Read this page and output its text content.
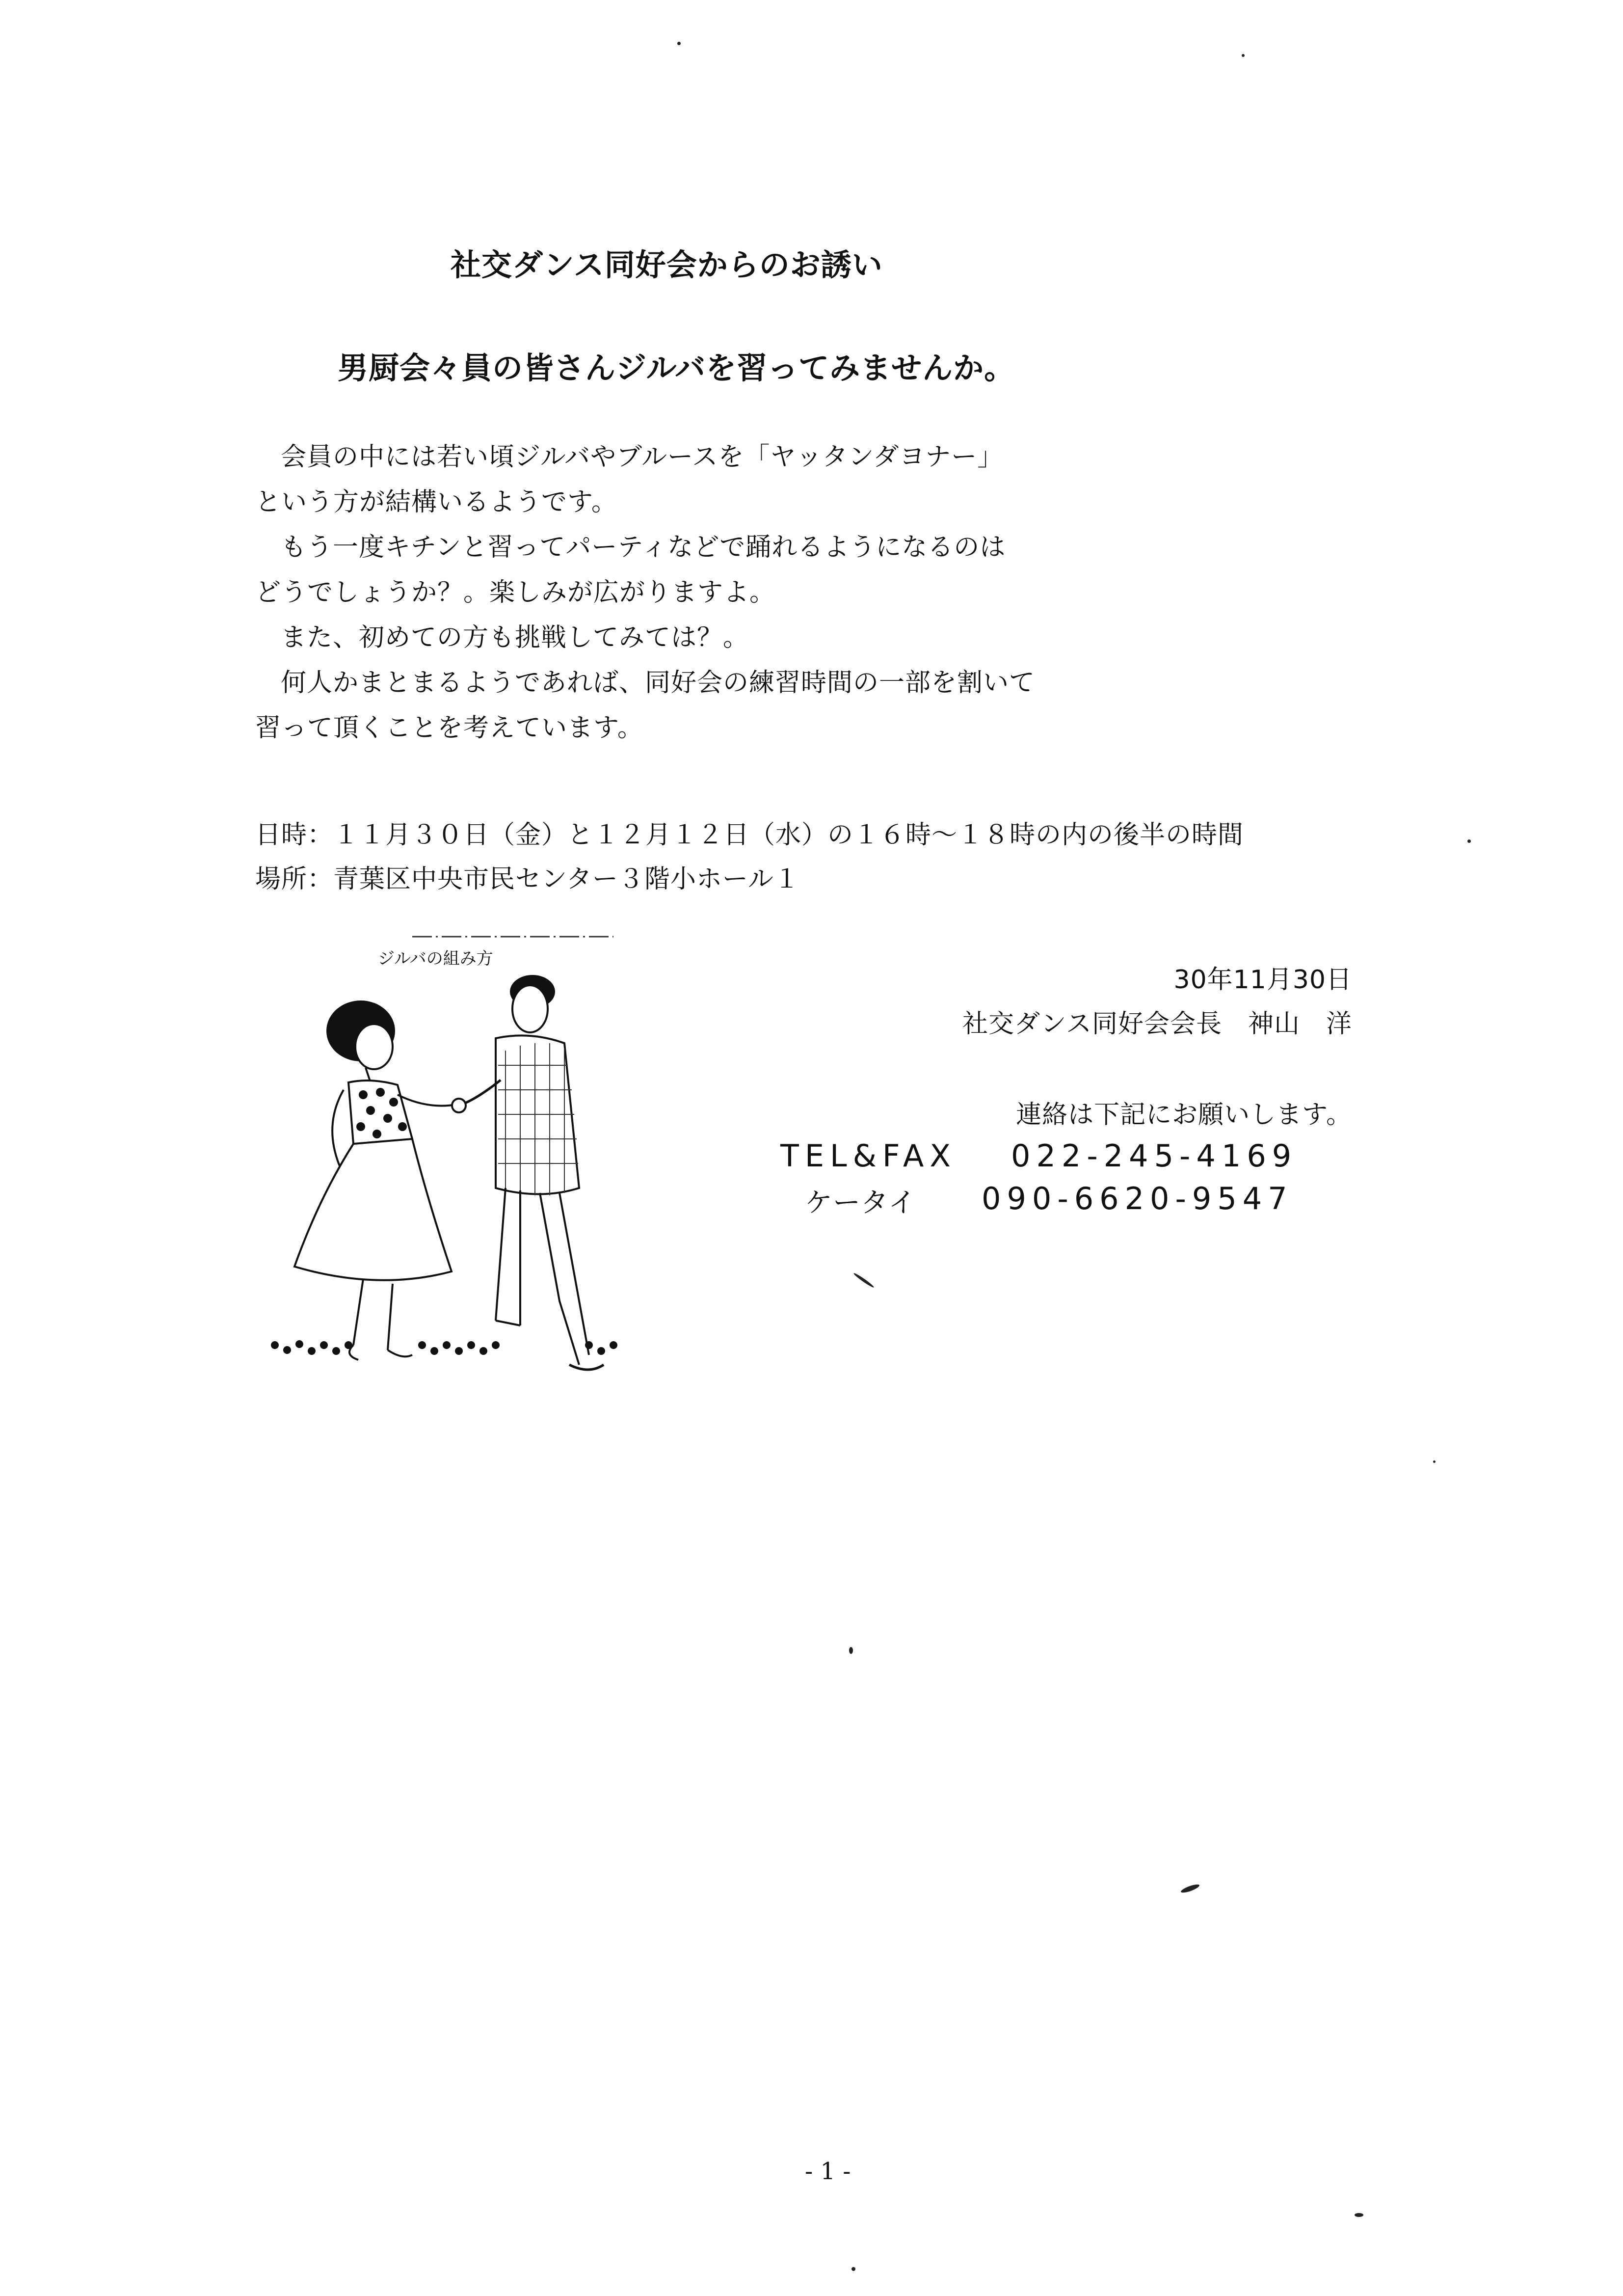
社交ダンス同好会からのお誘い
男厨会々員の皆さんジルバを習ってみませんか。
会員の中には若い頃ジルバやブルースを「ヤッタンダヨナー」
という方が結構いるようです。
もう一度キチンと習ってパーティなどで踊れるようになるのは
どうでしょうか？。楽しみが広がりますよ。
また、初めての方も挑戦してみては？。
何人かまとまるようであれば、同好会の練習時間の一部を割いて
習って頂くことを考えています。
日時：１１月３０日（金）と１２月１２日（水）の１６時～１８時の内の後半の時間
場所：青葉区中央市民センター３階小ホール１
ジルバの組み方
30年11月30日
社交ダンス同好会会長　神山　洋
連絡は下記にお願いします。
TEL&FAX 022-245-4169
ケータイ 090-6620-9547
- 1 -
